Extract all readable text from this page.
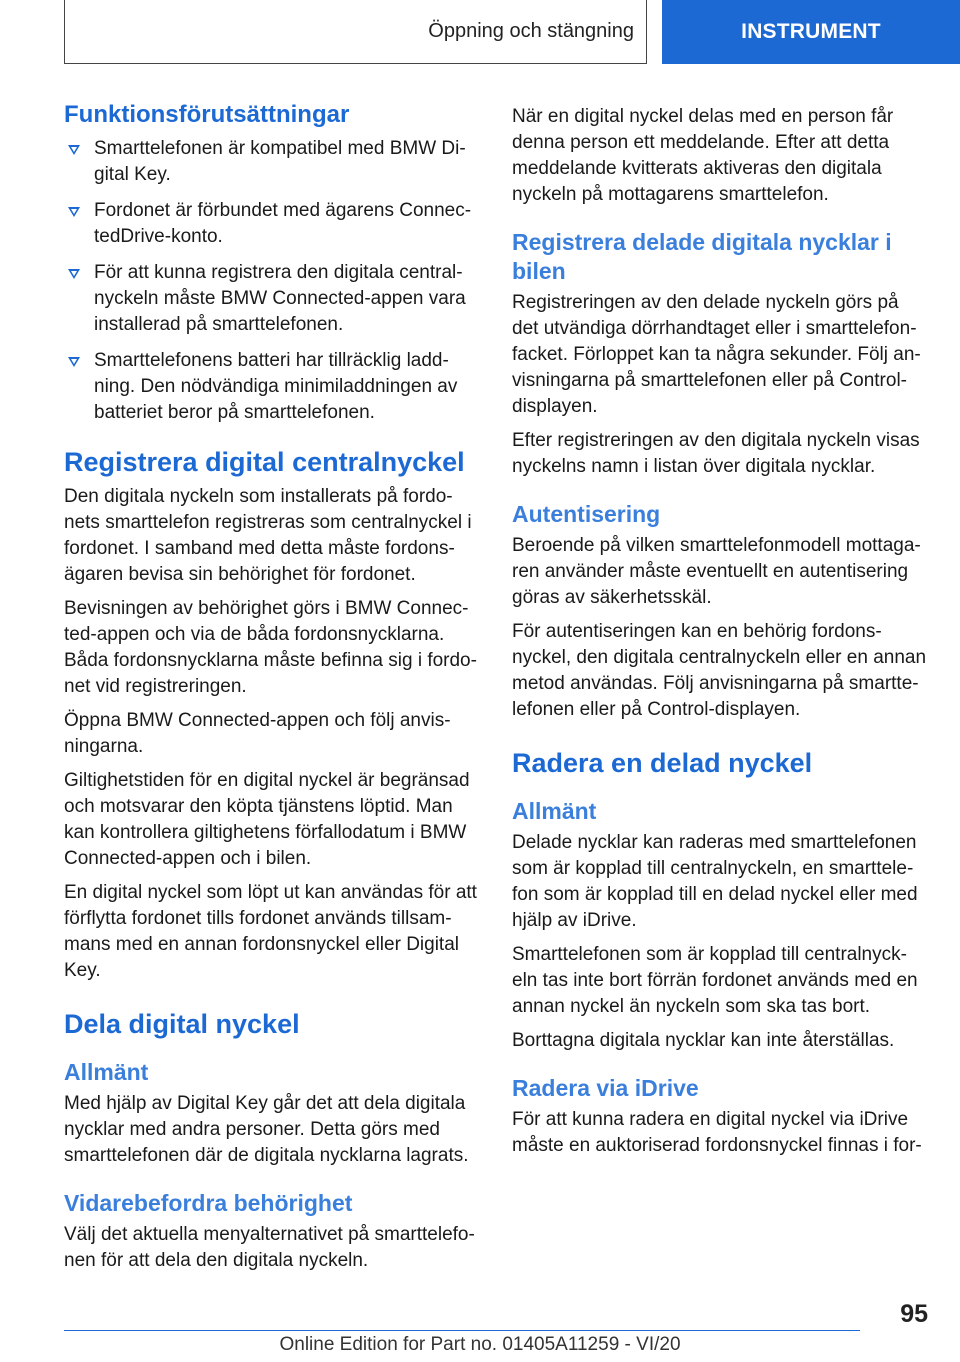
Öppning och stängning	INSTRUMENT
Funktionsförutsättningar
Smarttelefonen är kompatibel med BMW Di‐gital Key.
Fordonet är förbundet med ägarens Connec‐tedDrive-konto.
För att kunna registrera den digitala central‐nyckeln måste BMW Connected-appen vara installerad på smarttelefonen.
Smarttelefonens batteri har tillräcklig ladd‐ning. Den nödvändiga minimiladdningen av batteriet beror på smarttelefonen.
Registrera digital centralnyckel

Den digitala nyckeln som installerats på fordo‐nets smarttelefon registreras som centralnyckel i fordonet. I samband med detta måste fordons‐ägaren bevisa sin behörighet för fordonet.

Bevisningen av behörighet görs i BMW Connec‐ted-appen och via de båda fordonsnycklarna. Båda fordonsnycklarna måste befinna sig i fordo‐net vid registreringen.

Öppna BMW Connected-appen och följ anvis‐ningarna.

Giltighetstiden för en digital nyckel är begränsad och motsvarar den köpta tjänstens löptid. Man kan kontrollera giltighetens förfallodatum i BMW Connected-appen och i bilen.

En digital nyckel som löpt ut kan användas för att förflytta fordonet tills fordonet används tillsam‐mans med en annan fordonsnyckel eller Digital Key.

Dela digital nyckel
Allmänt

Med hjälp av Digital Key går det att dela digitala nycklar med andra personer. Detta görs med smarttelefonen där de digitala nycklarna lagrats.

Vidarebefordra behörighet

Välj det aktuella menyalternativet på smarttelefo‐nen för att dela den digitala nyckeln.

När en digital nyckel delas med en person får denna person ett meddelande. Efter att detta meddelande kvitterats aktiveras den digitala nyckeln på mottagarens smarttelefon.

Registrera delade digitala nycklar i bilen

Registreringen av den delade nyckeln görs på det utvändiga dörrhandtaget eller i smarttelefon‐facket. Förloppet kan ta några sekunder. Följ an‐visningarna på smarttelefonen eller på Control-displayen.

Efter registreringen av den digitala nyckeln visas nyckelns namn i listan över digitala nycklar.

Autentisering

Beroende på vilken smarttelefonmodell mottaga‐ren använder måste eventuellt en autentisering göras av säkerhetsskäl.

För autentiseringen kan en behörig fordons‐nyckel, den digitala centralnyckeln eller en annan metod användas. Följ anvisningarna på smartte‐lefonen eller på Control-displayen.

Radera en delad nyckel
Allmänt

Delade nycklar kan raderas med smarttelefonen som är kopplad till centralnyckeln, en smarttele‐fon som är kopplad till en delad nyckel eller med hjälp av iDrive.

Smarttelefonen som är kopplad till centralnyck‐eln tas inte bort förrän fordonet används med en annan nyckel än nyckeln som ska tas bort.

Borttagna digitala nycklar kan inte återställas.

Radera via iDrive

För att kunna radera en digital nyckel via iDrive måste en auktoriserad fordonsnyckel finnas i for‐

95
Online Edition for Part no. 01405A11259 - VI/20
